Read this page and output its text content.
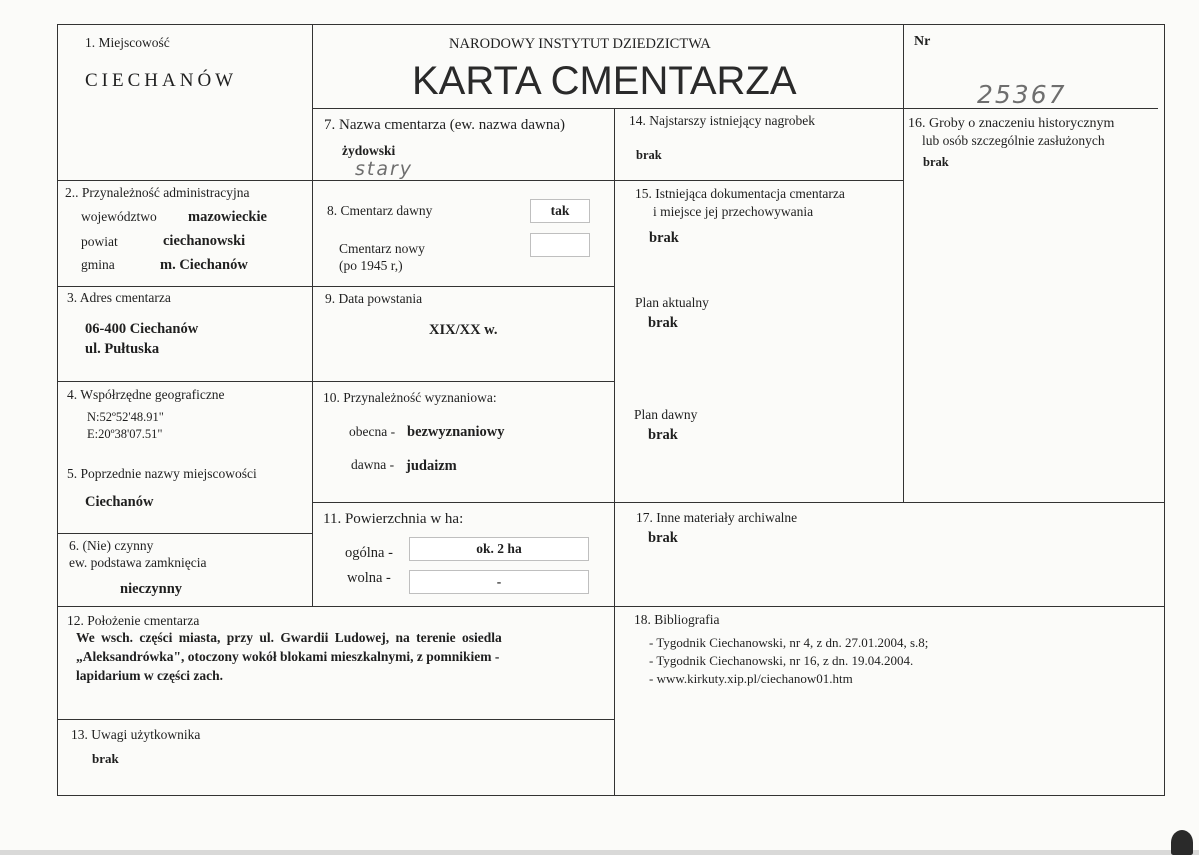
NARODOWY INSTYTUT DZIEDZICTWA
KARTA CMENTARZA
Nr
25367
1. Miejscowość
CIECHANÓW
2.. Przynależność administracyjna
województwo mazowieckie
powiat	ciechanowski
gmina	m. Ciechanów
3. Adres cmentarza
06-400 Ciechanów
ul. Pułtuska
4. Współrzędne geograficzne
N:52º52'48.91"
E:20º38'07.51"
5. Poprzednie nazwy miejscowości
Ciechanów
6. (Nie) czynny
ew. podstawa zamknięcia
nieczynny
7. Nazwa cmentarza (ew. nazwa dawna)
żydowski
stary
8. Cmentarz dawny	tak
Cmentarz nowy
(po 1945 r,)
9. Data powstania
XIX/XX w.
10. Przynależność wyznaniowa:
obecna - bezwyznaniowy
dawna - judaizm
11. Powierzchnia w ha:
ogólna -	ok. 2 ha
wolna -	-
12. Położenie cmentarza
We wsch. części miasta, przy ul. Gwardii Ludowej, na terenie osiedla
„Aleksandrówka", otoczony wokół blokami mieszkalnymi, z pomnikiem -
lapidarium w części zach.
13. Uwagi użytkownika
brak
14. Najstarszy istniejący nagrobek
brak
15. Istniejąca dokumentacja cmentarza
i miejsce jej przechowywania
brak
Plan aktualny
brak
Plan dawny
brak
16. Groby o znaczeniu historycznym
lub osób szczególnie zasłużonych
brak
17. Inne materiały archiwalne
brak
18. Bibliografia
- Tygodnik Ciechanowski, nr 4, z dn. 27.01.2004, s.8;
- Tygodnik Ciechanowski, nr 16, z dn. 19.04.2004.
- www.kirkuty.xip.pl/ciechanow01.htm
